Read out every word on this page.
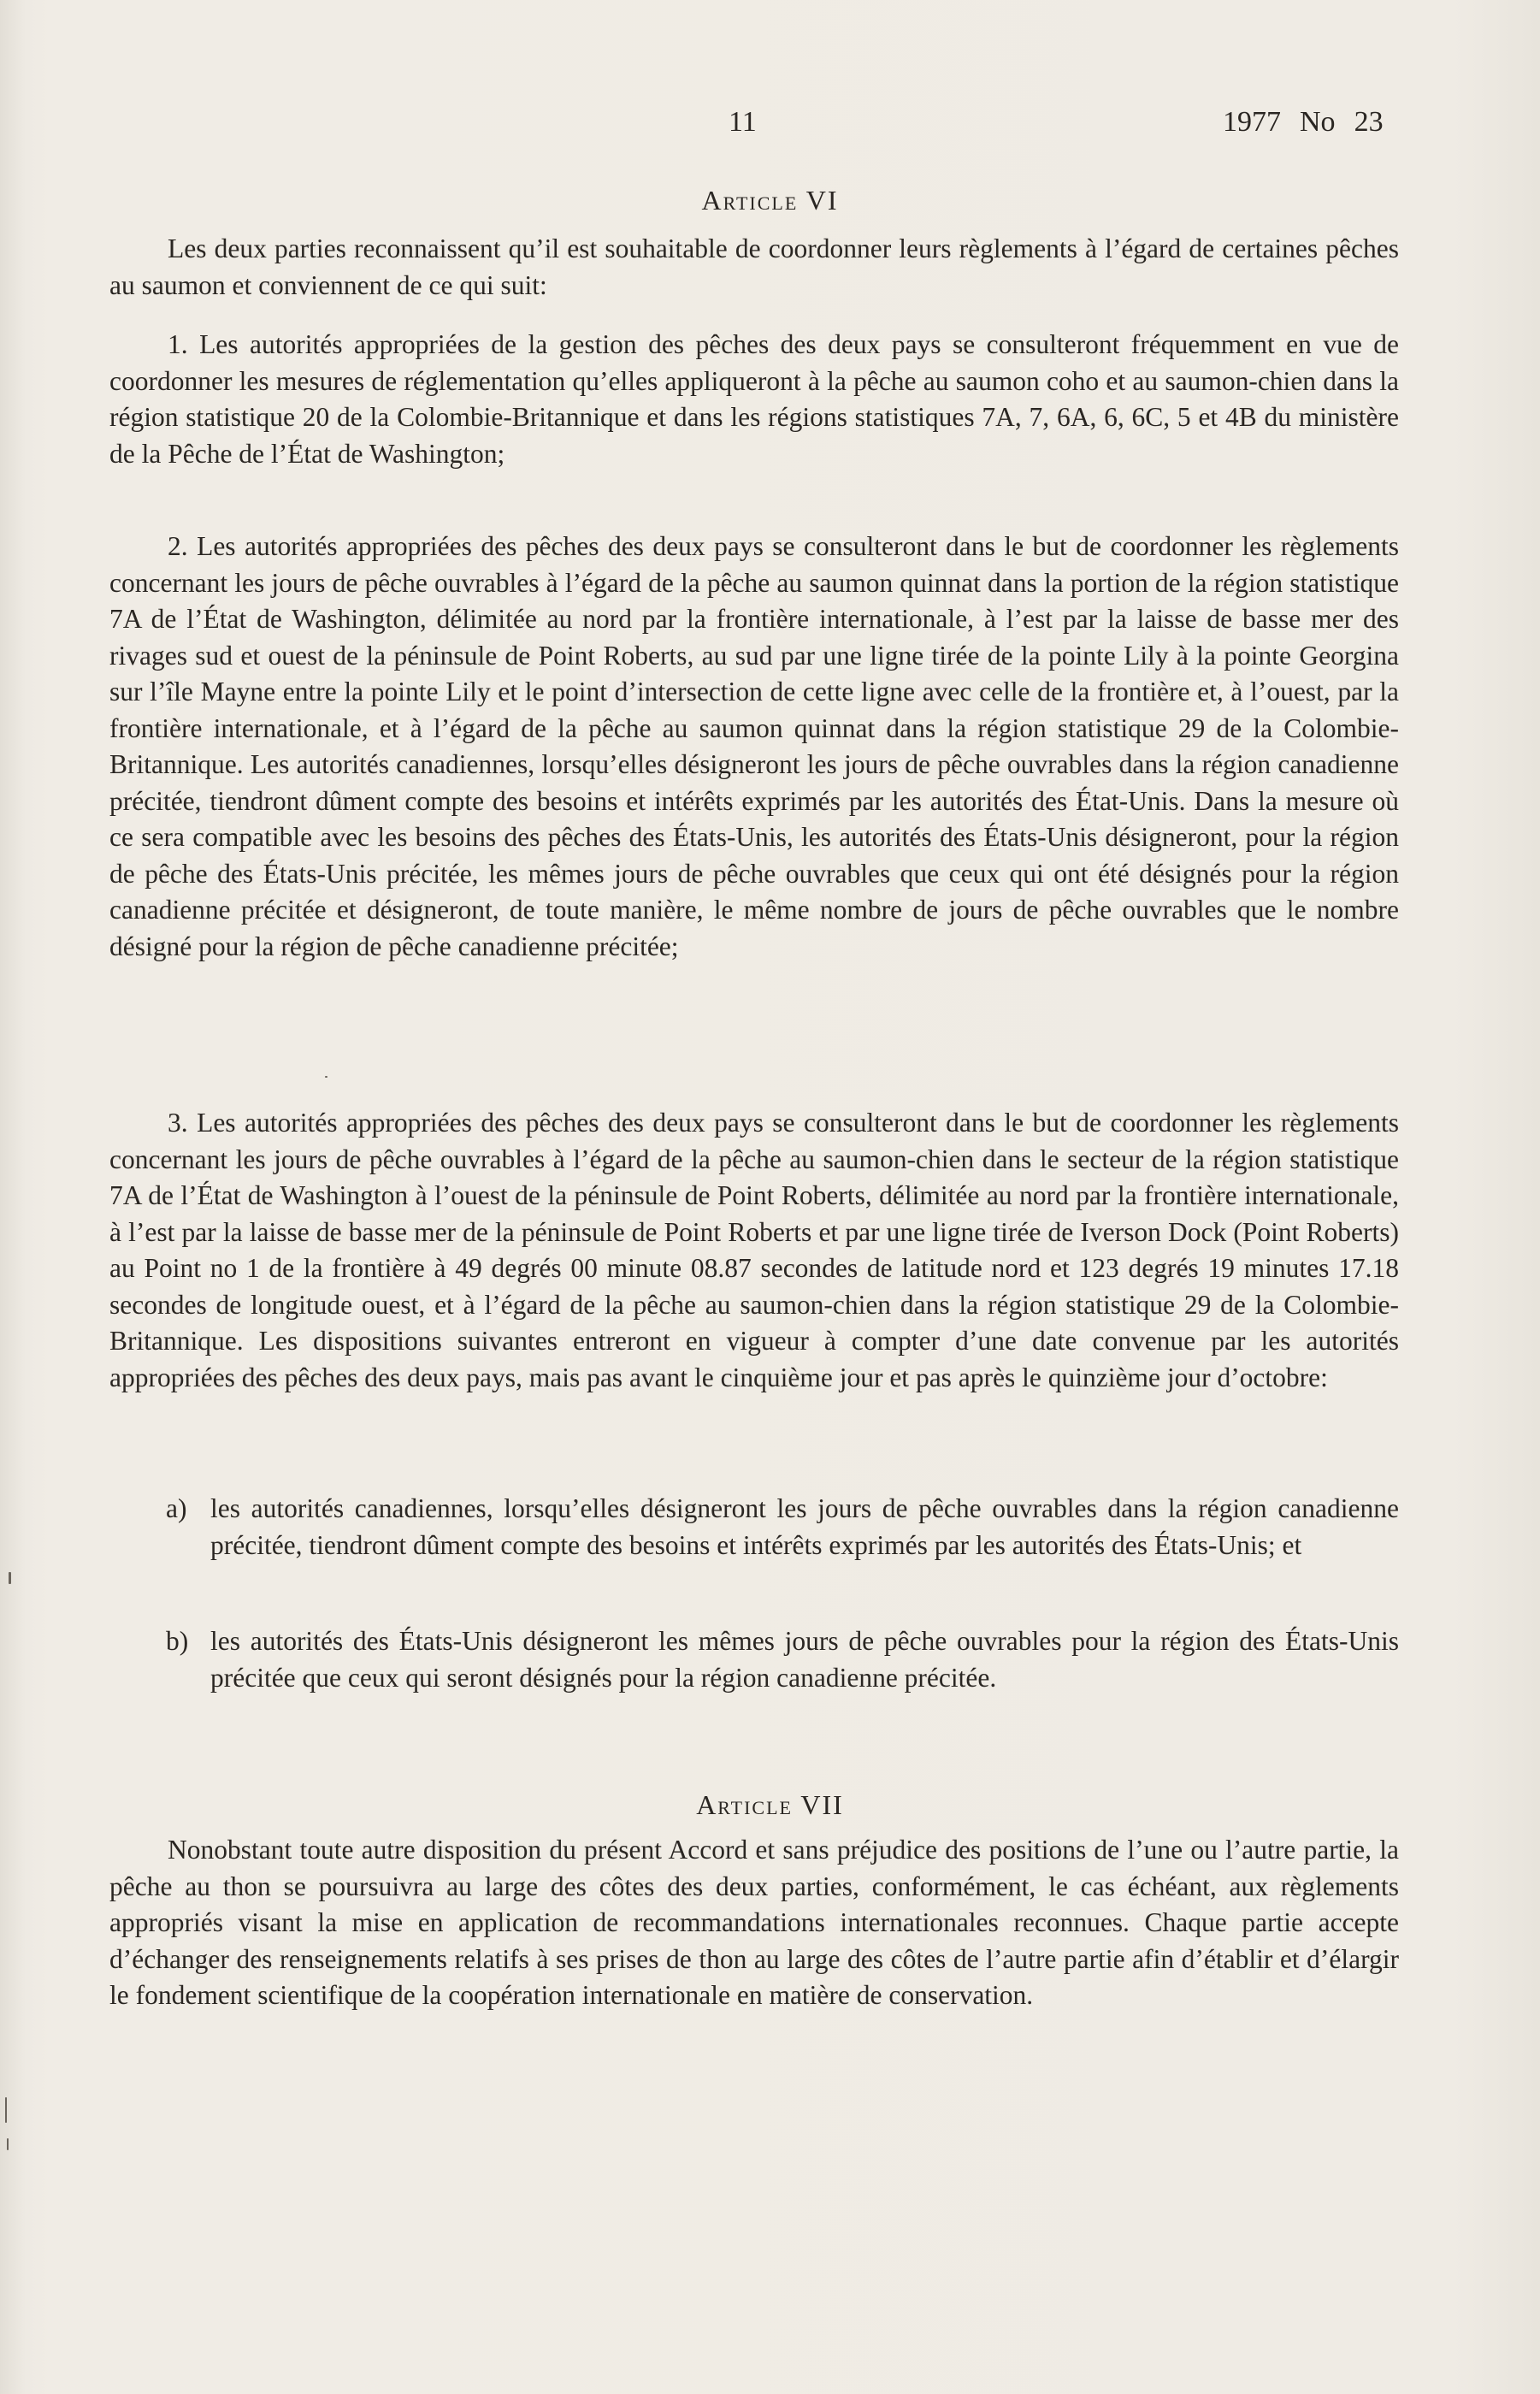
11	1977 No 23
Article VI
Les deux parties reconnaissent qu’il est souhaitable de coordonner leurs règlements à l’égard de certaines pêches au saumon et conviennent de ce qui suit:
1. Les autorités appropriées de la gestion des pêches des deux pays se consulteront fréquemment en vue de coordonner les mesures de réglementation qu’elles appliqueront à la pêche au saumon coho et au saumon-chien dans la région statistique 20 de la Colombie-Britannique et dans les régions statistiques 7A, 7, 6A, 6, 6C, 5 et 4B du ministère de la Pêche de l’État de Washington;
2. Les autorités appropriées des pêches des deux pays se consulteront dans le but de coordonner les règlements concernant les jours de pêche ouvrables à l’égard de la pêche au saumon quinnat dans la portion de la région statistique 7A de l’État de Washington, délimitée au nord par la frontière internationale, à l’est par la laisse de basse mer des rivages sud et ouest de la péninsule de Point Roberts, au sud par une ligne tirée de la pointe Lily à la pointe Georgina sur l’île Mayne entre la pointe Lily et le point d’intersection de cette ligne avec celle de la frontière et, à l’ouest, par la frontière internationale, et à l’égard de la pêche au saumon quinnat dans la région statistique 29 de la Colombie-Britannique. Les autorités canadiennes, lorsqu’elles désigneront les jours de pêche ouvrables dans la région canadienne précitée, tiendront dûment compte des besoins et intérêts exprimés par les autorités des État-Unis. Dans la mesure où ce sera compatible avec les besoins des pêches des États-Unis, les autorités des États-Unis désigneront, pour la région de pêche des États-Unis précitée, les mêmes jours de pêche ouvrables que ceux qui ont été désignés pour la région canadienne précitée et désigneront, de toute manière, le même nombre de jours de pêche ouvrables que le nombre désigné pour la région de pêche canadienne précitée;
3. Les autorités appropriées des pêches des deux pays se consulteront dans le but de coordonner les règlements concernant les jours de pêche ouvrables à l’égard de la pêche au saumon-chien dans le secteur de la région statistique 7A de l’État de Washington à l’ouest de la péninsule de Point Roberts, délimitée au nord par la frontière internationale, à l’est par la laisse de basse mer de la péninsule de Point Roberts et par une ligne tirée de Iverson Dock (Point Roberts) au Point no 1 de la frontière à 49 degrés 00 minute 08.87 secondes de latitude nord et 123 degrés 19 minutes 17.18 secondes de longitude ouest, et à l’égard de la pêche au saumon-chien dans la région statistique 29 de la Colombie-Britannique. Les dispositions suivantes entreront en vigueur à compter d’une date convenue par les autorités appropriées des pêches des deux pays, mais pas avant le cinquième jour et pas après le quinzième jour d’octobre:
a) les autorités canadiennes, lorsqu’elles désigneront les jours de pêche ouvrables dans la région canadienne précitée, tiendront dûment compte des besoins et intérêts exprimés par les autorités des États-Unis; et
b) les autorités des États-Unis désigneront les mêmes jours de pêche ouvrables pour la région des États-Unis précitée que ceux qui seront désignés pour la région canadienne précitée.
Article VII
Nonobstant toute autre disposition du présent Accord et sans préjudice des positions de l’une ou l’autre partie, la pêche au thon se poursuivra au large des côtes des deux parties, conformément, le cas échéant, aux règlements appropriés visant la mise en application de recommandations internationales reconnues. Chaque partie accepte d’échanger des renseignements relatifs à ses prises de thon au large des côtes de l’autre partie afin d’établir et d’élargir le fondement scientifique de la coopération internationale en matière de conservation.
